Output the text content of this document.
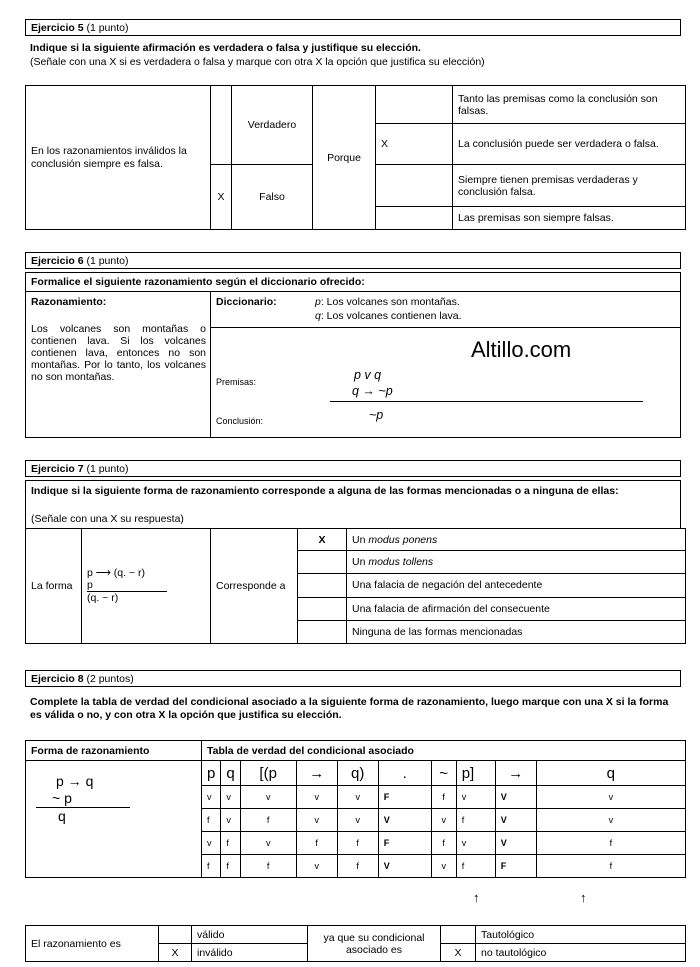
Ejercicio 5 (1 punto)
Indique si la siguiente afirmación es verdadera o falsa y justifique su elección.
(Señale con una X si es verdadera o falsa y marque con otra X la opción que justifica su elección)
En los razonamientos inválidos la conclusión siempre es falsa.		Verdadero	Porque		Tanto las premisas como la conclusión son falsas.
				X	La conclusión puede ser verdadera o falsa.
	X	Falso			Siempre tienen premisas verdaderas y conclusión falsa.
					Las premisas son siempre falsas.
Ejercicio 6 (1 punto)
Formalice el siguiente razonamiento según el diccionario ofrecido:
Razonamiento:
Los volcanes son montañas o contienen lava. Si los volcanes contienen lava, entonces no son montañas. Por lo tanto, los volcanes no son montañas.
Diccionario:	p: Los volcanes son montañas.
q: Los volcanes contienen lava.
Altillo.com
p v q
q → ~p
Premisas:
~p
Conclusión:
Ejercicio 7 (1 punto)
Indique si la siguiente forma de razonamiento corresponde a alguna de las formas mencionadas o a ninguna de ellas:
(Señale con una X su respuesta)
La forma	p ⟶ (q. ~ r)
p
(q. ~ r)	Corresponde a	X	Un modus ponens
				Un modus tollens
				Una falacia de negación del antecedente
				Una falacia de afirmación del consecuente
				Ninguna de las formas mencionadas
Ejercicio 8 (2 puntos)
Complete la tabla de verdad del condicional asociado a la siguiente forma de razonamiento, luego marque con una X si la forma es válida o no, y con otra X la opción que justifica su elección.
Forma de razonamiento	Tabla de verdad del condicional asociado									

p → q
~ p
q	p	q	[(p	→	q)	.	~	p]	→	q
	v	v	v	v	v	F	f	v	V	v
	f	v	f	v	v	V	v	f	V	v
	v	f	v	f	f	F	f	v	V	f
	f	f	f	v	f	V	v	f	F	f
↑	↑
El razonamiento es		válido	ya que su condicional asociado es		Tautológico
	X	inválido		X	no tautológico
